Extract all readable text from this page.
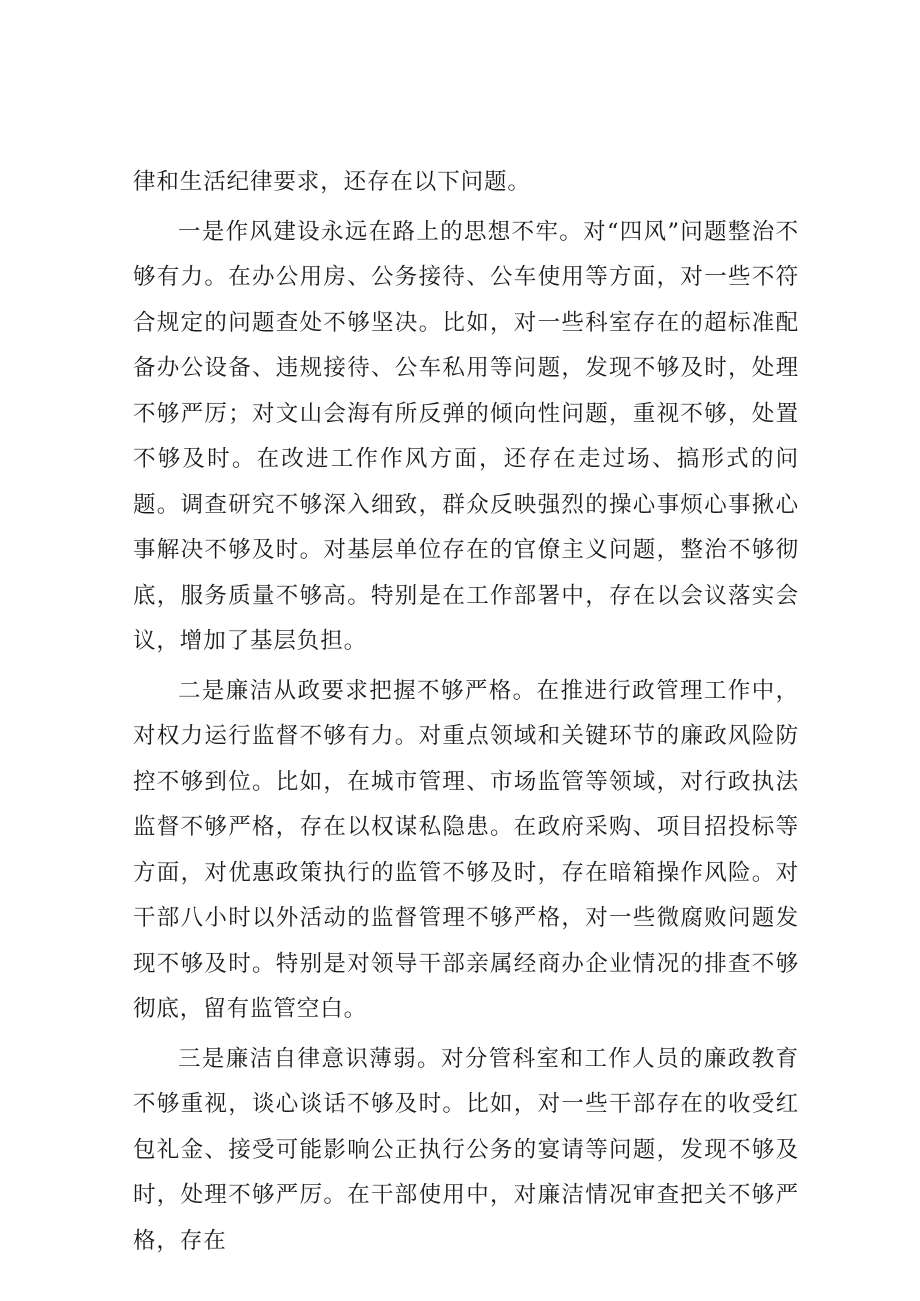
律和生活纪律要求，还存在以下问题。

一是作风建设永远在路上的思想不牢。对“四风”问题整治不够有力。在办公用房、公务接待、公车使用等方面，对一些不符合规定的问题查处不够坚决。比如，对一些科室存在的超标准配备办公设备、违规接待、公车私用等问题，发现不够及时，处理不够严厉；对文山会海有所反弹的倾向性问题，重视不够，处置不够及时。在改进工作作风方面，还存在走过场、搞形式的问题。调查研究不够深入细致，群众反映强烈的操心事烦心事揪心事解决不够及时。对基层单位存在的官僚主义问题，整治不够彻底，服务质量不够高。特别是在工作部署中，存在以会议落实会议，增加了基层负担。

二是廉洁从政要求把握不够严格。在推进行政管理工作中，对权力运行监督不够有力。对重点领域和关键环节的廉政风险防控不够到位。比如，在城市管理、市场监管等领域，对行政执法监督不够严格，存在以权谋私隐患。在政府采购、项目招投标等方面，对优惠政策执行的监管不够及时，存在暗箱操作风险。对干部八小时以外活动的监督管理不够严格，对一些微腐败问题发现不够及时。特别是对领导干部亲属经商办企业情况的排查不够彻底，留有监管空白。

三是廉洁自律意识薄弱。对分管科室和工作人员的廉政教育不够重视，谈心谈话不够及时。比如，对一些干部存在的收受红包礼金、接受可能影响公正执行公务的宴请等问题，发现不够及时，处理不够严厉。在干部使用中，对廉洁情况审查把关不够严格，存在
